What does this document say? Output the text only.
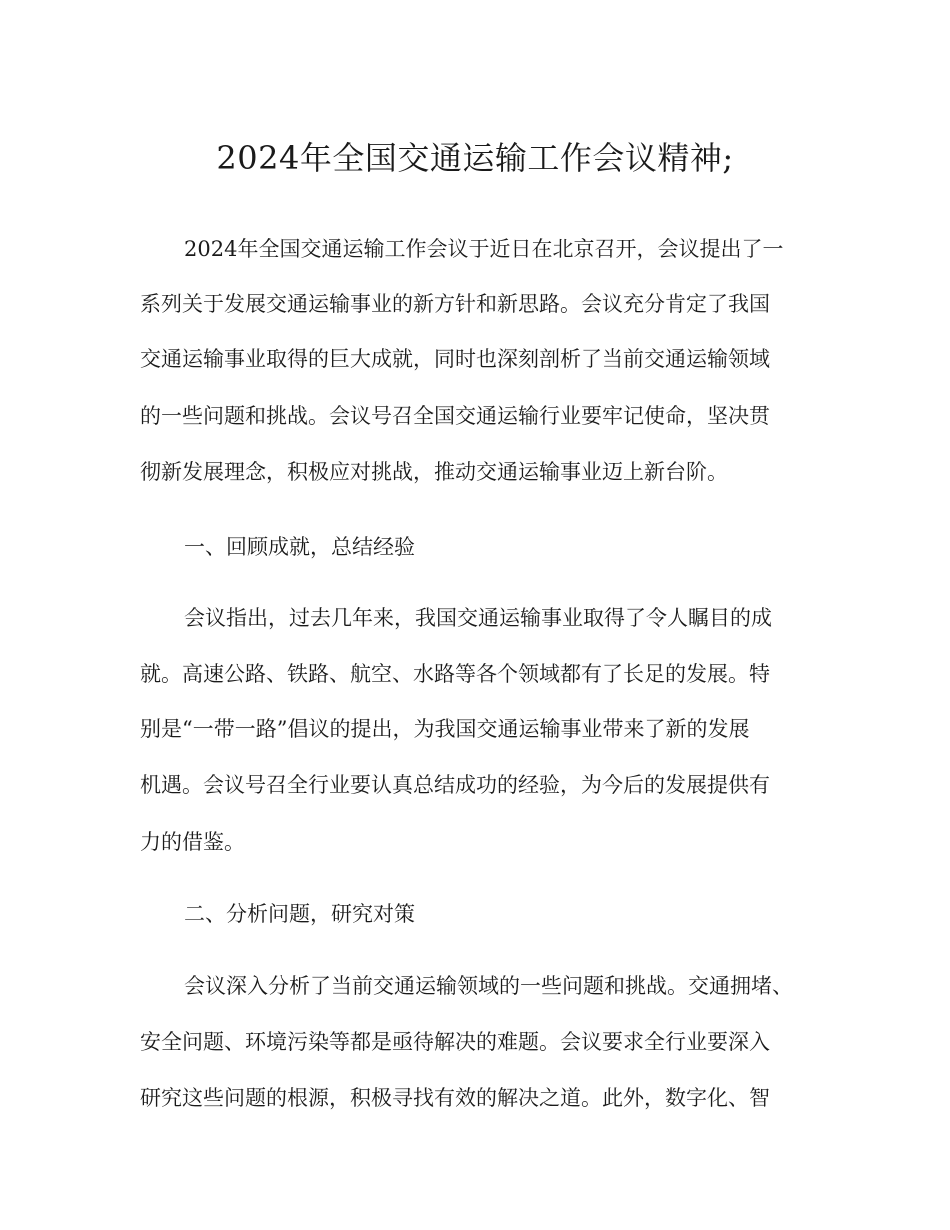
2024年全国交通运输工作会议精神;
2024年全国交通运输工作会议于近日在北京召开，会议提出了一
系列关于发展交通运输事业的新方针和新思路。会议充分肯定了我国
交通运输事业取得的巨大成就，同时也深刻剖析了当前交通运输领域
的一些问题和挑战。会议号召全国交通运输行业要牢记使命，坚决贯
彻新发展理念，积极应对挑战，推动交通运输事业迈上新台阶。
一、回顾成就，总结经验
会议指出，过去几年来，我国交通运输事业取得了令人瞩目的成
就。高速公路、铁路、航空、水路等各个领域都有了长足的发展。特
别是“一带一路”倡议的提出，为我国交通运输事业带来了新的发展
机遇。会议号召全行业要认真总结成功的经验，为今后的发展提供有
力的借鉴。
二、分析问题，研究对策
会议深入分析了当前交通运输领域的一些问题和挑战。交通拥堵、
安全问题、环境污染等都是亟待解决的难题。会议要求全行业要深入
研究这些问题的根源，积极寻找有效的解决之道。此外，数字化、智
